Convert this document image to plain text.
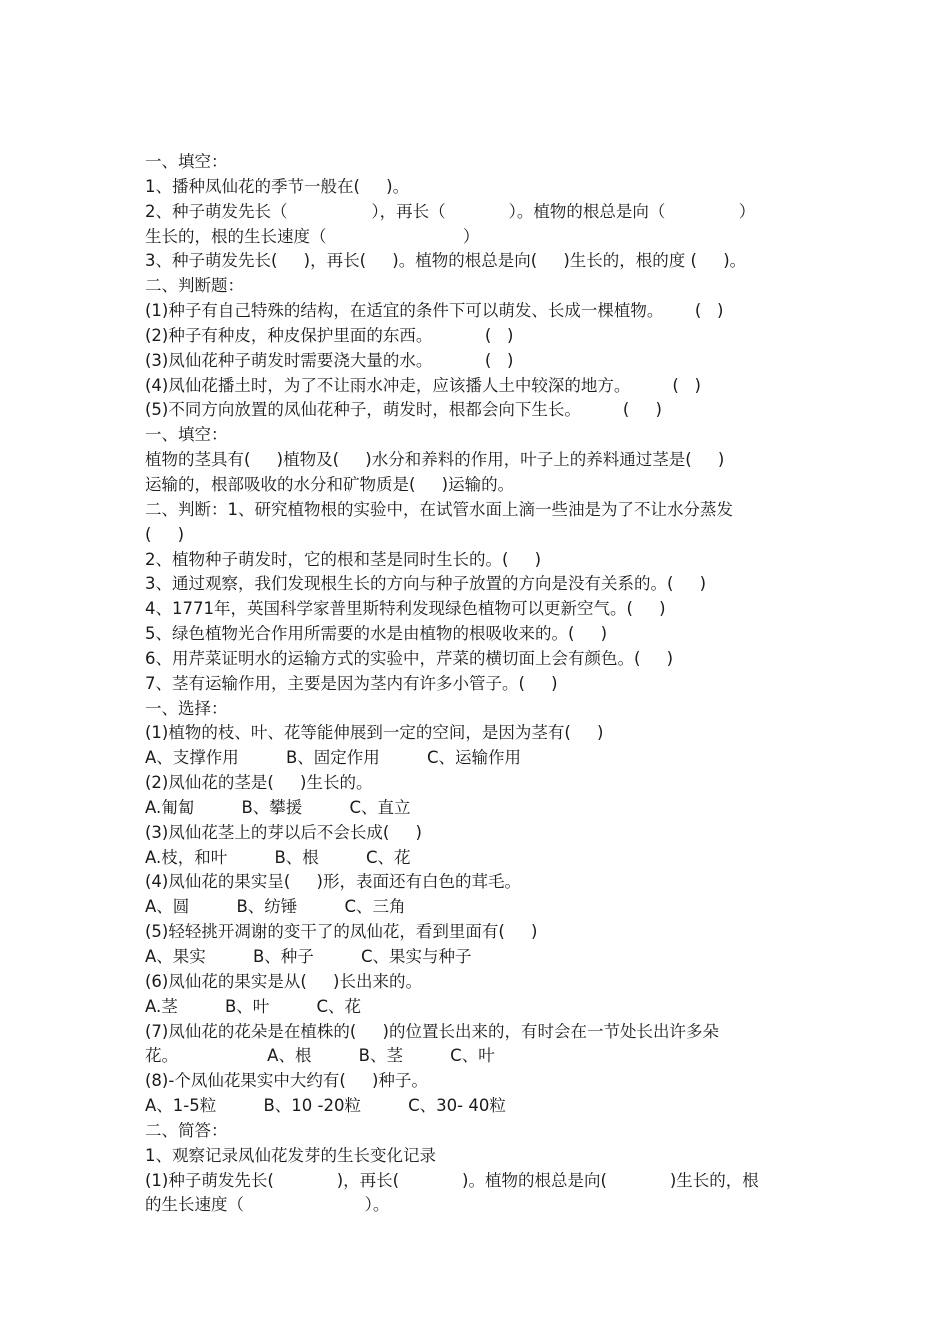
一、填空：
1、播种凤仙花的季节一般在(     )。
2、种子萌发先长（                ），再长（            ）。植物的根总是向（              ）
生长的，根的生长速度（                          ）
3、种子萌发先长(     )，再长(     )。植物的根总是向(     )生长的，根的度 (     )。
二、判断题：
(1)种子有自己特殊的结构，在适宜的条件下可以萌发、长成一棵植物。      (   )
(2)种子有种皮，种皮保护里面的东西。          (   )
(3)凤仙花种子萌发时需要浇大量的水。          (   )
(4)凤仙花播土时，为了不让雨水冲走，应该播人土中较深的地方。        (   )
(5)不同方向放置的凤仙花种子，萌发时，根都会向下生长。        (     )
一、填空：
植物的茎具有(     )植物及(     )水分和养料的作用，叶子上的养料通过茎是(     )
运输的，根部吸收的水分和矿物质是(     )运输的。
二、判断：1、研究植物根的实验中，在试管水面上滴一些油是为了不让水分蒸发
(     )
2、植物种子萌发时，它的根和茎是同时生长的。(     )
3、通过观察，我们发现根生长的方向与种子放置的方向是没有关系的。(     )
4、1771年，英国科学家普里斯特利发现绿色植物可以更新空气。(     )
5、绿色植物光合作用所需要的水是由植物的根吸收来的。(     )
6、用芹菜证明水的运输方式的实验中，芹菜的横切面上会有颜色。(     )
7、茎有运输作用，主要是因为茎内有许多小管子。(     )
一、选择：
(1)植物的枝、叶、花等能伸展到一定的空间，是因为茎有(     )
A、支撑作用         B、固定作用         C、运输作用
(2)凤仙花的茎是(     )生长的。
A.匍匐         B、攀援         C、直立
(3)凤仙花茎上的芽以后不会长成(     )
A.枝，和叶         B、根         C、花
(4)凤仙花的果实呈(     )形，表面还有白色的茸毛。
A、圆         B、纺锤         C、三角
(5)轻轻挑开凋谢的变干了的凤仙花，看到里面有(     )
A、果实         B、种子         C、果实与种子
(6)凤仙花的果实是从(     )长出来的。
A.茎         B、叶         C、花
(7)凤仙花的花朵是在植株的(     )的位置长出来的，有时会在一节处长出许多朵
花。                 A、根         B、茎         C、叶
(8)-个凤仙花果实中大约有(     )种子。
A、1-5粒         B、10 -20粒         C、30- 40粒
二、简答：
1、观察记录凤仙花发芽的生长变化记录
(1)种子萌发先长(            )，再长(            )。植物的根总是向(            )生长的，根
的生长速度（                       ）。
